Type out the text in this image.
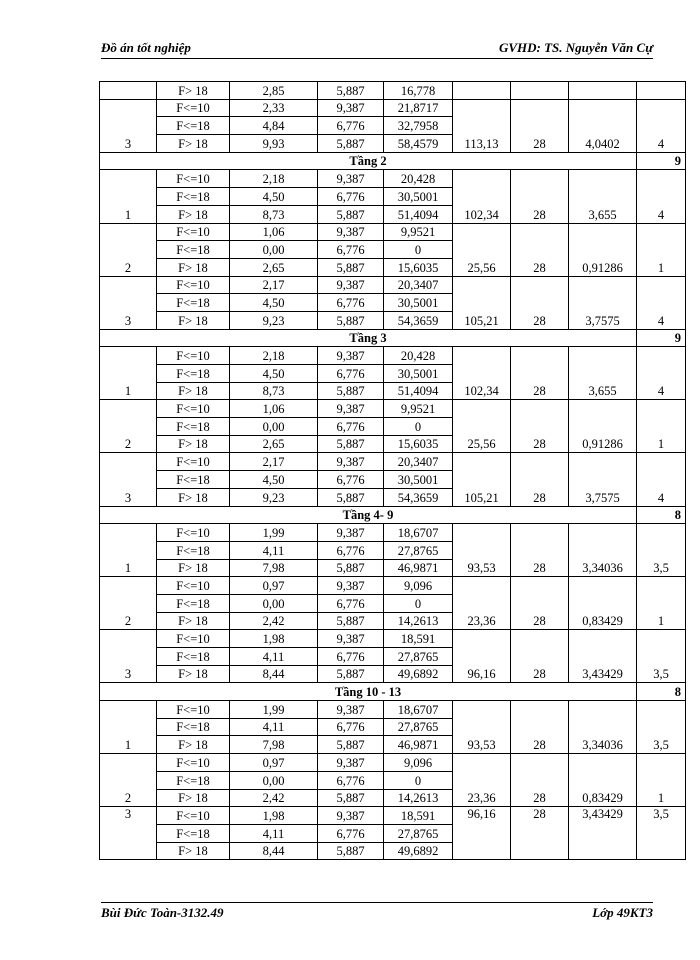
Đồ án tốt nghiệp	GVHD: TS. Nguyễn Văn Cự
	F> 18	2,85	5,887	16,778				
3	F<=10	2,33	9,387	21,8717	113,13	28	4,0402	4
	F<=18	4,84	6,776	32,7958				
	F> 18	9,93	5,887	58,4579				
Tầng 2								9
1	F<=10	2,18	9,387	20,428	102,34	28	3,655	4
	F<=18	4,50	6,776	30,5001				
	F> 18	8,73	5,887	51,4094				
2	F<=10	1,06	9,387	9,9521	25,56	28	0,91286	1
	F<=18	0,00	6,776	0				
	F> 18	2,65	5,887	15,6035				
3	F<=10	2,17	9,387	20,3407	105,21	28	3,7575	4
	F<=18	4,50	6,776	30,5001				
	F> 18	9,23	5,887	54,3659				
Tầng 3								9
1	F<=10	2,18	9,387	20,428	102,34	28	3,655	4
	F<=18	4,50	6,776	30,5001				
	F> 18	8,73	5,887	51,4094				
2	F<=10	1,06	9,387	9,9521	25,56	28	0,91286	1
	F<=18	0,00	6,776	0				
	F> 18	2,65	5,887	15,6035				
3	F<=10	2,17	9,387	20,3407	105,21	28	3,7575	4
	F<=18	4,50	6,776	30,5001				
	F> 18	9,23	5,887	54,3659				
Tầng 4- 9								8
1	F<=10	1,99	9,387	18,6707	93,53	28	3,34036	3,5
	F<=18	4,11	6,776	27,8765				
	F> 18	7,98	5,887	46,9871				
2	F<=10	0,97	9,387	9,096	23,36	28	0,83429	1
	F<=18	0,00	6,776	0				
	F> 18	2,42	5,887	14,2613				
3	F<=10	1,98	9,387	18,591	96,16	28	3,43429	3,5
	F<=18	4,11	6,776	27,8765				
	F> 18	8,44	5,887	49,6892				
Tầng 10 - 13								8
1	F<=10	1,99	9,387	18,6707	93,53	28	3,34036	3,5
	F<=18	4,11	6,776	27,8765				
	F> 18	7,98	5,887	46,9871				
2	F<=10	0,97	9,387	9,096	23,36	28	0,83429	1
	F<=18	0,00	6,776	0				
	F> 18	2,42	5,887	14,2613				
3	F<=10	1,98	9,387	18,591	96,16	28	3,43429	3,5
	F<=18	4,11	6,776	27,8765				
	F> 18	8,44	5,887	49,6892				
Bùi Đức Toàn-3132.49	Lớp 49KT3
